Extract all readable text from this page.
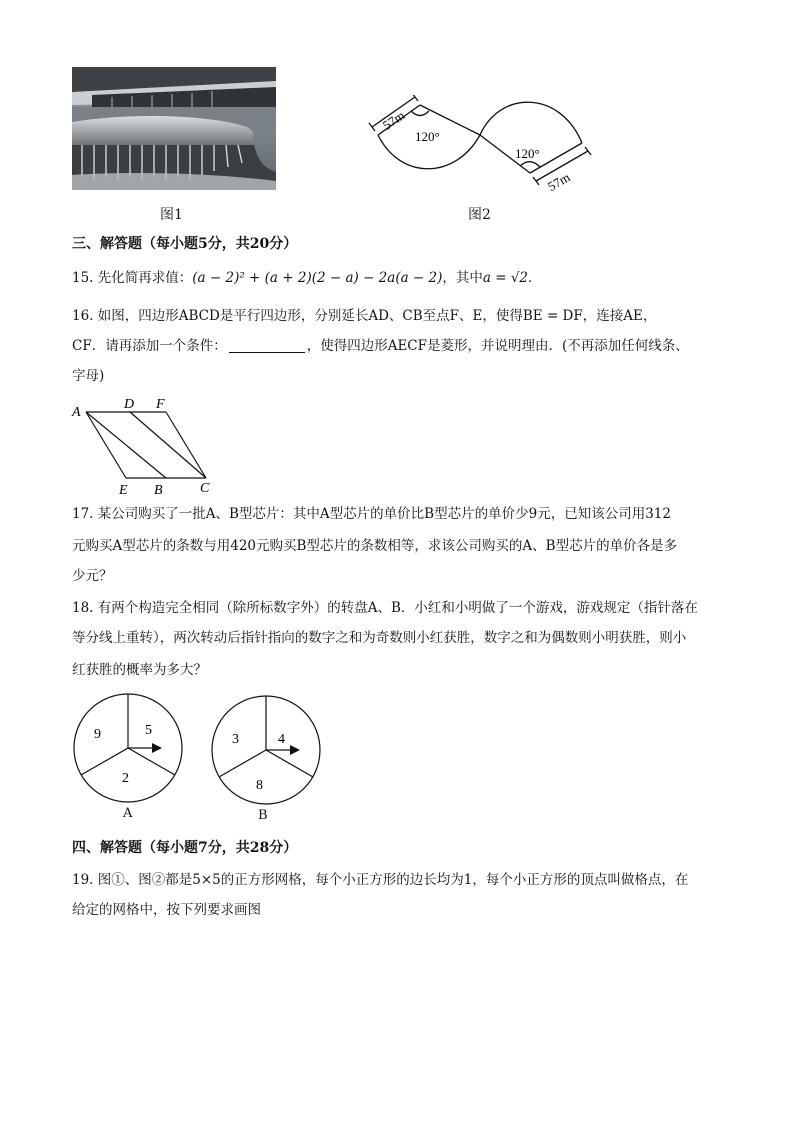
图1
57m
120°
120°
57m
图2
三、解答题（每小题5分，共20分）
15. 先化简再求值：(a − 2)² + (a + 2)(2 − a) − 2a(a − 2)，其中a = √2．
16. 如图，四边形ABCD是平行四边形，分别延长AD、CB至点F、E，使得BE = DF，连接AE，
CF．请再添加一个条件：	，使得四边形AECF是菱形，并说明理由．(不再添加任何线条、
字母)
A
D F
E B	C
17. 某公司购买了一批A、B型芯片：其中A型芯片的单价比B型芯片的单价少9元，已知该公司用312
元购买A型芯片的条数与用420元购买B型芯片的条数相等，求该公司购买的A、B型芯片的单价各是多
少元？
18. 有两个构造完全相同（除所标数字外）的转盘A、B．小红和小明做了一个游戏，游戏规定（指针落在
等分线上重转），两次转动后指针指向的数字之和为奇数则小红获胜，数字之和为偶数则小明获胜，则小
红获胜的概率为多大？
9	5
2
A
3	4
8
B
四、解答题（每小题7分，共28分）
19. 图①、图②都是5×5的正方形网格，每个小正方形的边长均为1，每个小正方形的顶点叫做格点，在
给定的网格中，按下列要求画图
